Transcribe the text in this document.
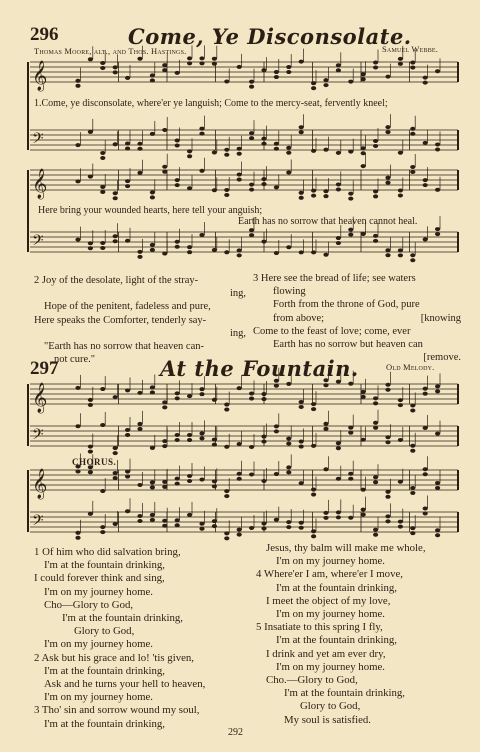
296	Come, Ye Disconsolate.
Thomas Moore, alt., and Thos. Hastings.	Samuel Webbe.
𝄞
𝄢
𝄞
𝄢
𝄞
𝄢
𝄞
𝄢
1.Come, ye disconsolate, where'er ye languish; Come to the mercy-seat, fervently kneel;
Here bring your wounded hearts, here tell your anguish;
Earth has no sorrow that heaven cannot heal.
2 Joy of the desolate, light of the stray-
ing,
Hope of the penitent, fadeless and pure,
Here speaks the Comforter, tenderly say-
ing,
"Earth has no sorrow that heaven can-
not cure."
3 Here see the bread of life; see waters
flowing
Forth from the throne of God, pure
from above;	[knowing
Come to the feast of love; come, ever
Earth has no sorrow but heaven can
[remove.
297	At the Fountain.	Old Melody.
CHORUS.
1 Of him who did salvation bring,
I'm at the fountain drinking,
I could forever think and sing,
I'm on my journey home.
Cho—Glory to God,
I'm at the fountain drinking,
Glory to God,
I'm on my journey home.
2 Ask but his grace and lo! 'tis given,
I'm at the fountain drinking,
Ask and he turns your hell to heaven,
I'm on my journey home.
3 Tho' sin and sorrow wound my soul,
I'm at the fountain drinking,
Jesus, thy balm will make me whole,
I'm on my journey home.
4 Where'er I am, where'er I move,
I'm at the fountain drinking,
I meet the object of my love,
I'm on my journey home.
5 Insatiate to this spring I fly,
I'm at the fountain drinking,
I drink and yet am ever dry,
I'm on my journey home.
Cho.—Glory to God,
I'm at the fountain drinking,
Glory to God,
My soul is satisfied.
292
